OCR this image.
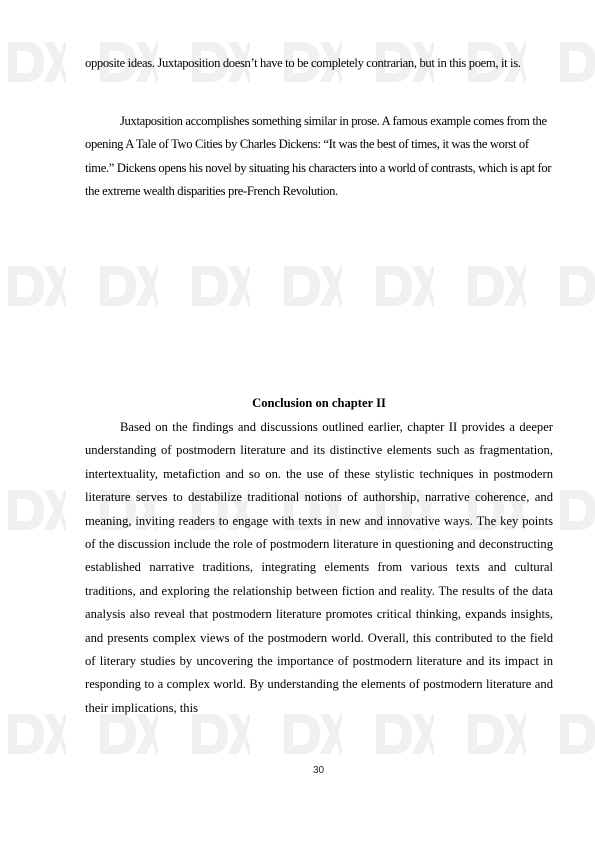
opposite ideas. Juxtaposition doesn’t have to be completely contrarian, but in this poem, it is.

Juxtaposition accomplishes something similar in prose. A famous example comes from the opening A Tale of Two Cities by Charles Dickens: “It was the best of times, it was the worst of time.” Dickens opens his novel by situating his characters into a world of contrasts, which is apt for the extreme wealth disparities pre-French Revolution.

Conclusion on chapter II

Based on the findings and discussions outlined earlier, chapter II provides a deeper understanding of postmodern literature and its distinctive elements such as fragmentation, intertextuality, metafiction and so on. the use of these stylistic techniques in postmodern literature serves to destabilize traditional notions of authorship, narrative coherence, and meaning, inviting readers to engage with texts in new and innovative ways. The key points of the discussion include the role of postmodern literature in questioning and deconstructing established narrative traditions, integrating elements from various texts and cultural traditions, and exploring the relationship between fiction and reality. The results of the data analysis also reveal that postmodern literature promotes critical thinking, expands insights, and presents complex views of the postmodern world. Overall, this contributed to the field of literary studies by uncovering the importance of postmodern literature and its impact in responding to a complex world. By understanding the elements of postmodern literature and their implications, this

30
